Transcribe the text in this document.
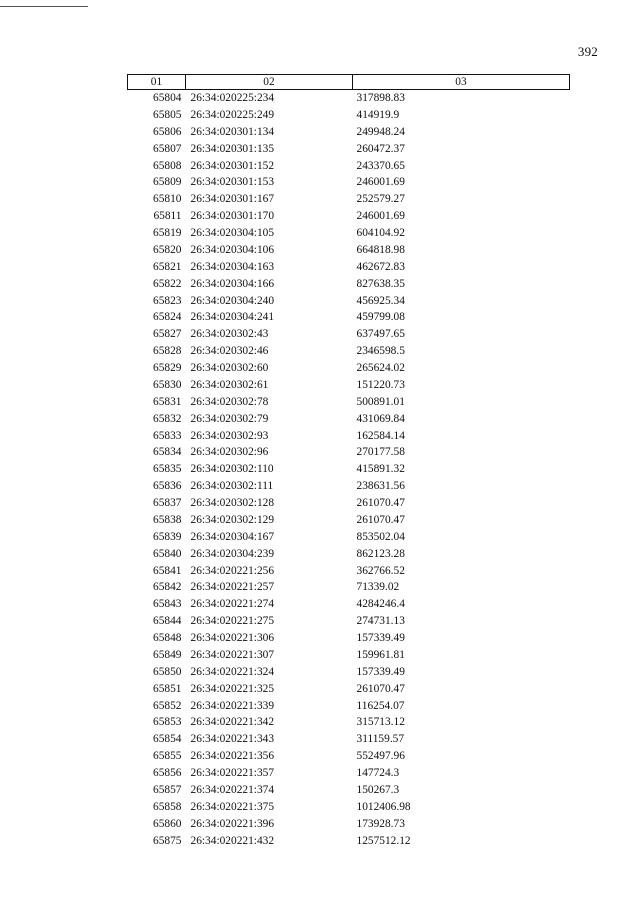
392
01	02	03
65804	26:34:020225:234	317898.83
65805	26:34:020225:249	414919.9
65806	26:34:020301:134	249948.24
65807	26:34:020301:135	260472.37
65808	26:34:020301:152	243370.65
65809	26:34:020301:153	246001.69
65810	26:34:020301:167	252579.27
65811	26:34:020301:170	246001.69
65819	26:34:020304:105	604104.92
65820	26:34:020304:106	664818.98
65821	26:34:020304:163	462672.83
65822	26:34:020304:166	827638.35
65823	26:34:020304:240	456925.34
65824	26:34:020304:241	459799.08
65827	26:34:020302:43	637497.65
65828	26:34:020302:46	2346598.5
65829	26:34:020302:60	265624.02
65830	26:34:020302:61	151220.73
65831	26:34:020302:78	500891.01
65832	26:34:020302:79	431069.84
65833	26:34:020302:93	162584.14
65834	26:34:020302:96	270177.58
65835	26:34:020302:110	415891.32
65836	26:34:020302:111	238631.56
65837	26:34:020302:128	261070.47
65838	26:34:020302:129	261070.47
65839	26:34:020304:167	853502.04
65840	26:34:020304:239	862123.28
65841	26:34:020221:256	362766.52
65842	26:34:020221:257	71339.02
65843	26:34:020221:274	4284246.4
65844	26:34:020221:275	274731.13
65848	26:34:020221:306	157339.49
65849	26:34:020221:307	159961.81
65850	26:34:020221:324	157339.49
65851	26:34:020221:325	261070.47
65852	26:34:020221:339	116254.07
65853	26:34:020221:342	315713.12
65854	26:34:020221:343	311159.57
65855	26:34:020221:356	552497.96
65856	26:34:020221:357	147724.3
65857	26:34:020221:374	150267.3
65858	26:34:020221:375	1012406.98
65860	26:34:020221:396	173928.73
65875	26:34:020221:432	1257512.12
